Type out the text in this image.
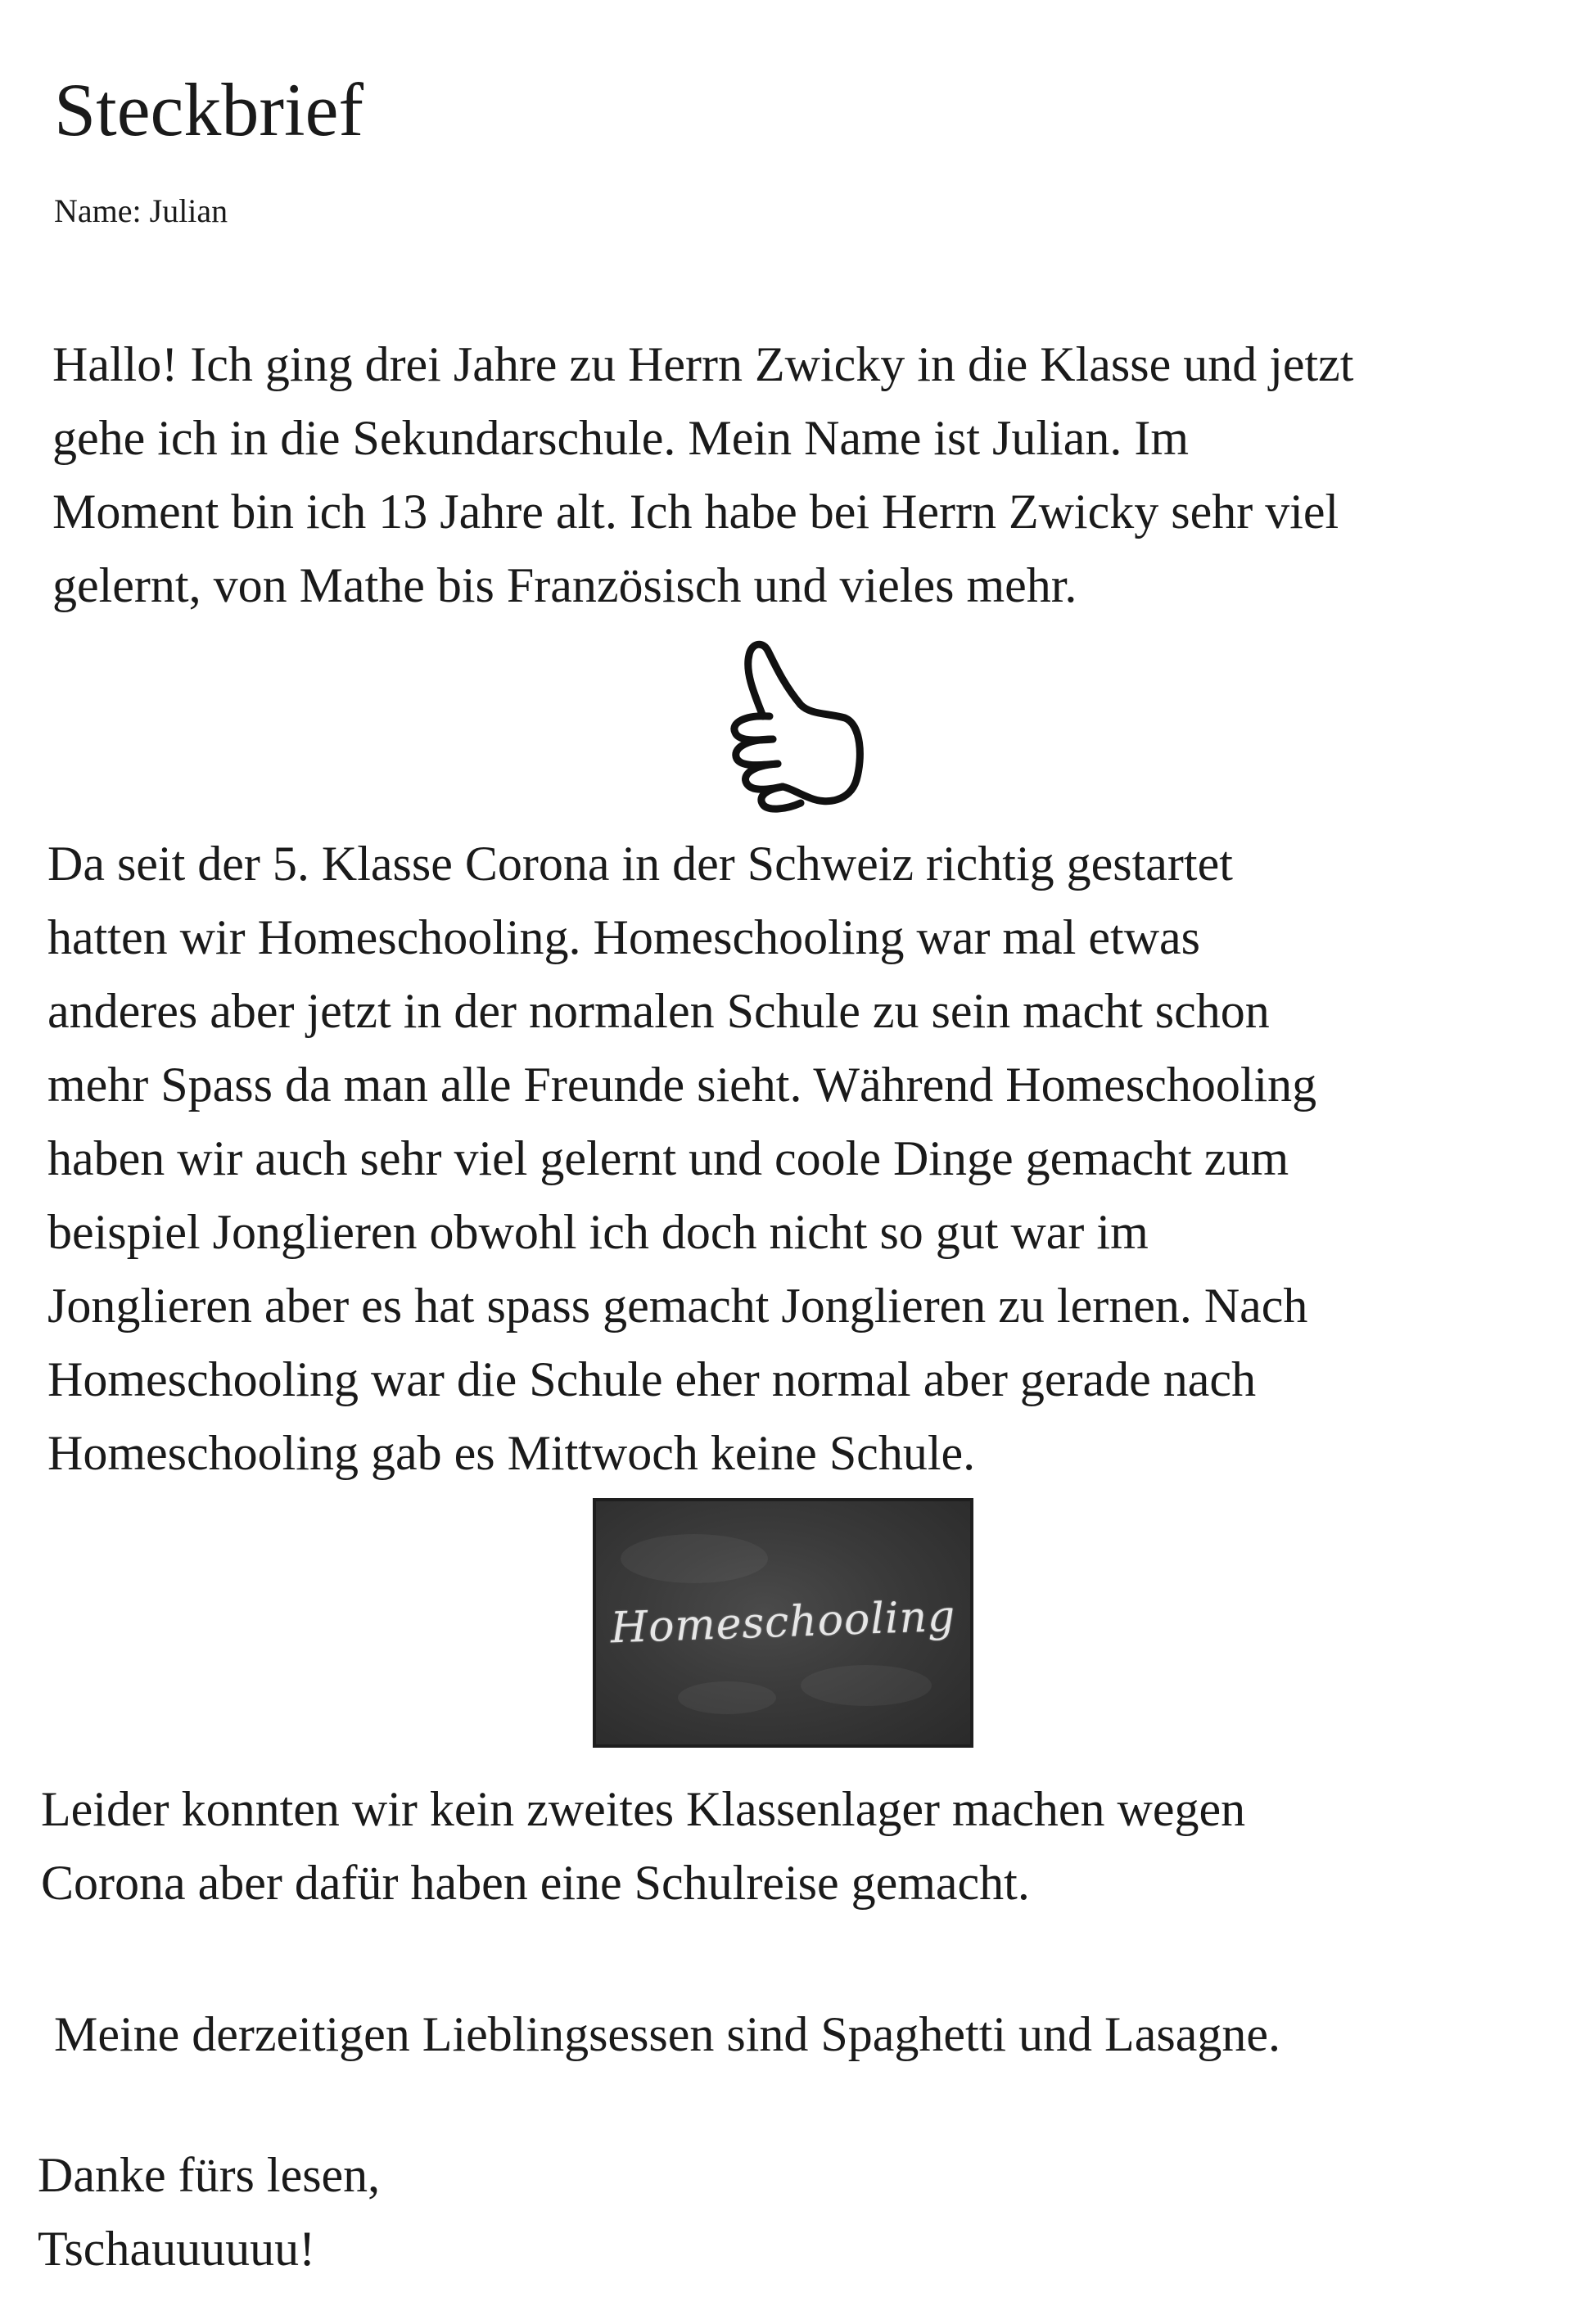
Steckbrief

Name: Julian

Hallo! Ich ging drei Jahre zu Herrn Zwicky in die Klasse und jetzt
gehe ich in die Sekundarschule. Mein Name ist Julian. Im
Moment bin ich 13 Jahre alt. Ich habe bei Herrn Zwicky sehr viel
gelernt, von Mathe bis Französisch und vieles mehr.

Da seit der 5. Klasse Corona in der Schweiz richtig gestartet
hatten wir Homeschooling. Homeschooling war mal etwas
anderes aber jetzt in der normalen Schule zu sein macht schon
mehr Spass da man alle Freunde sieht. Während Homeschooling
haben wir auch sehr viel gelernt und coole Dinge gemacht zum
beispiel Jonglieren obwohl ich doch nicht so gut war im
Jonglieren aber es hat spass gemacht Jonglieren zu lernen. Nach
Homeschooling war die Schule eher normal aber gerade nach
Homeschooling gab es Mittwoch keine Schule.

Homeschooling

Leider konnten wir kein zweites Klassenlager machen wegen
Corona aber dafür haben eine Schulreise gemacht.

Meine derzeitigen Lieblingsessen sind Spaghetti und Lasagne.

Danke fürs lesen,
Tschauuuuuu!
